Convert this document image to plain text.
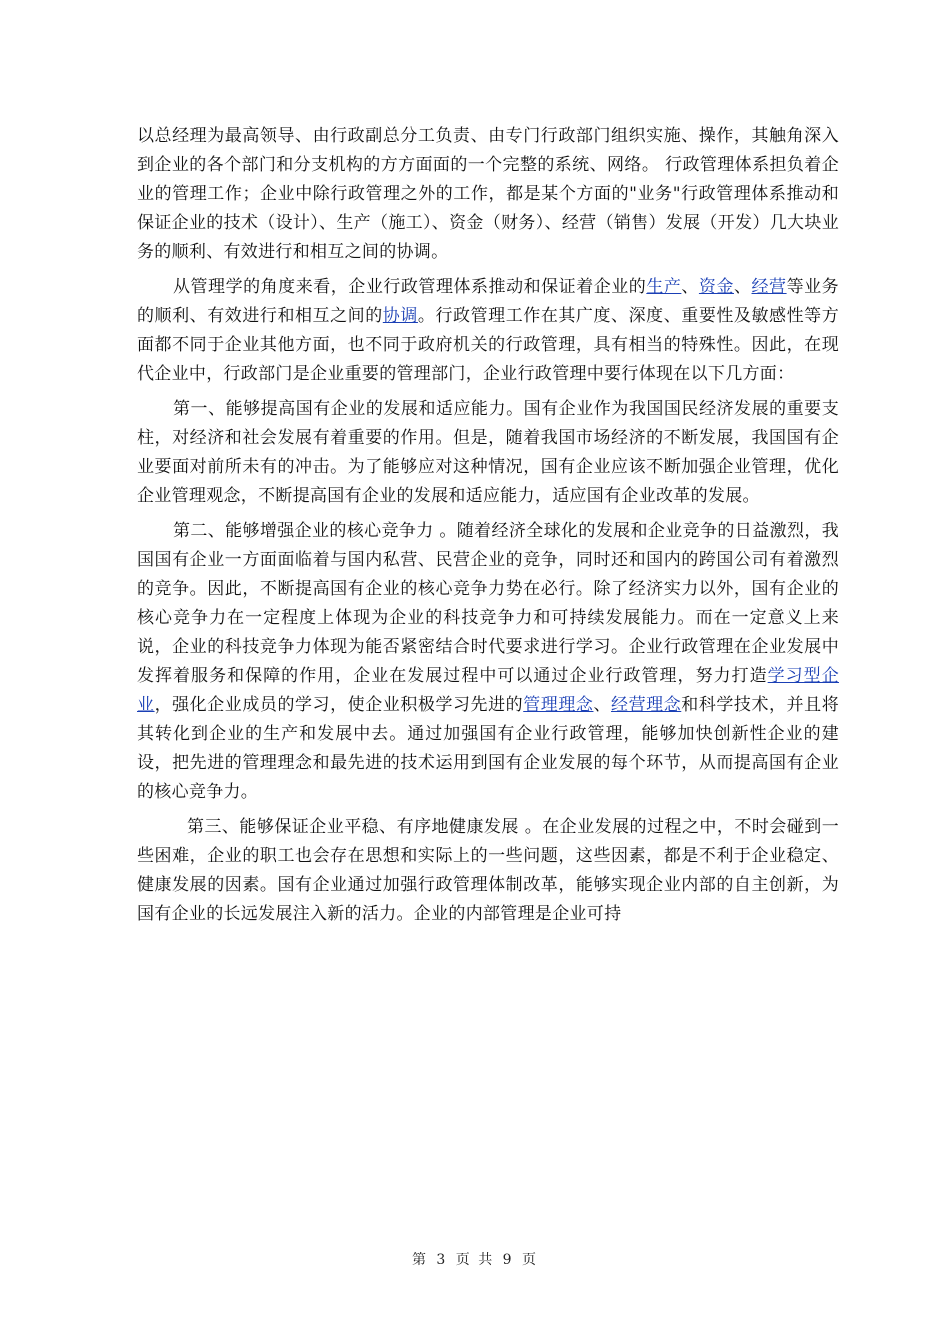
以总经理为最高领导、由行政副总分工负责、由专门行政部门组织实施、操作，其触角深入到企业的各个部门和分支机构的方方面面的一个完整的系统、网络。 行政管理体系担负着企业的管理工作；企业中除行政管理之外的工作，都是某个方面的"业务"行政管理体系推动和保证企业的技术（设计）、生产（施工）、资金（财务）、经营（销售）发展（开发）几大块业务的顺利、有效进行和相互之间的协调。

从管理学的角度来看，企业行政管理体系推动和保证着企业的生产、资金、经营等业务的顺利、有效进行和相互之间的协调。行政管理工作在其广度、深度、重要性及敏感性等方面都不同于企业其他方面，也不同于政府机关的行政管理，具有相当的特殊性。因此，在现代企业中，行政部门是企业重要的管理部门，企业行政管理中要行体现在以下几方面：

第一、能够提高国有企业的发展和适应能力。国有企业作为我国国民经济发展的重要支柱，对经济和社会发展有着重要的作用。但是，随着我国市场经济的不断发展，我国国有企业要面对前所未有的冲击。为了能够应对这种情况，国有企业应该不断加强企业管理，优化企业管理观念，不断提高国有企业的发展和适应能力，适应国有企业改革的发展。

第二、能够增强企业的核心竞争力 。随着经济全球化的发展和企业竞争的日益激烈，我国国有企业一方面面临着与国内私营、民营企业的竞争，同时还和国内的跨国公司有着激烈的竞争。因此，不断提高国有企业的核心竞争力势在必行。除了经济实力以外，国有企业的核心竞争力在一定程度上体现为企业的科技竞争力和可持续发展能力。而在一定意义上来说，企业的科技竞争力体现为能否紧密结合时代要求进行学习。企业行政管理在企业发展中发挥着服务和保障的作用，企业在发展过程中可以通过企业行政管理，努力打造学习型企业，强化企业成员的学习，使企业积极学习先进的管理理念、经营理念和科学技术，并且将其转化到企业的生产和发展中去。通过加强国有企业行政管理，能够加快创新性企业的建设，把先进的管理理念和最先进的技术运用到国有企业发展的每个环节，从而提高国有企业的核心竞争力。

第三、能够保证企业平稳、有序地健康发展 。在企业发展的过程之中，不时会碰到一些困难，企业的职工也会存在思想和实际上的一些问题，这些因素，都是不利于企业稳定、健康发展的因素。国有企业通过加强行政管理体制改革，能够实现企业内部的自主创新，为国有企业的长远发展注入新的活力。企业的内部管理是企业可持

第 3 页 共 9 页
